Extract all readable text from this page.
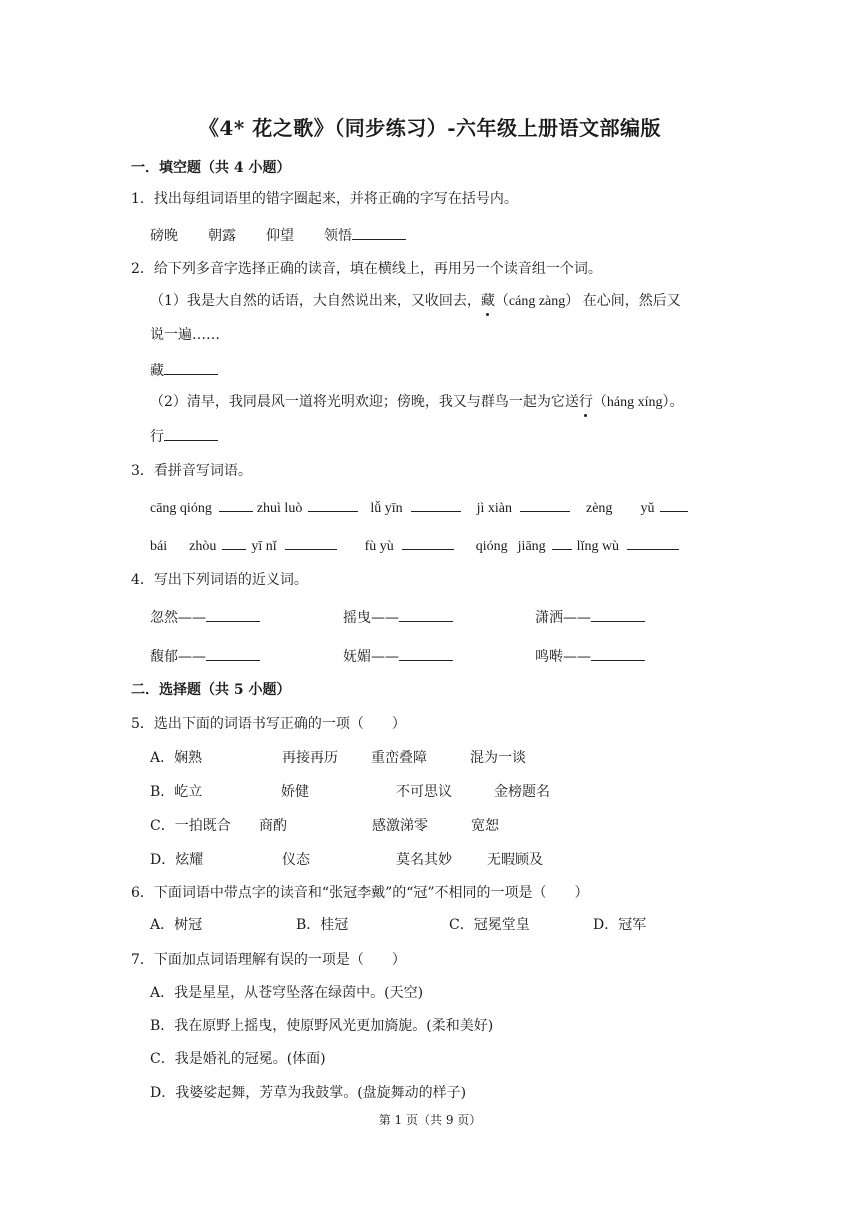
《4* 花之歌》（同步练习）-六年级上册语文部编版
一．填空题（共 4 小题）
1．找出每组词语里的错字圈起来，并将正确的字写在括号内。
磅晚 朝露 仰望 领悟
2．给下列多音字选择正确的读音，填在横线上，再用另一个读音组一个词。
（1）我是大自然的话语，大自然说出来，又收回去，藏（cáng zàng） 在心间，然后又
说一遍……
藏
（2）清早，我同晨风一道将光明欢迎；傍晚，我又与群鸟一起为它送行（háng xíng）。
行
3．看拼音写词语。
cāng qióng	zhuì luò	lǚ yīn	jì xiàn	zèng yǔ
bái zhòu	yī nǐ	fù yù	qióng jiāng lǐng wù
4．写出下列词语的近义词。
忽然——	摇曳——	潇洒——
馥郁——	妩媚——	鸣啭——
二．选择题（共 5 小题）
5．选出下面的词语书写正确的一项（　　）
A．娴熟	再接再历 重峦叠障	混为一谈
B．屹立	娇健	不可思议	金榜题名
C．一拍既合 商酌	感激涕零	宽恕
D．炫耀	仪态	莫名其妙	无暇顾及
6．下面词语中带点字的读音和“张冠李戴”的“冠”不相同的一项是（　　）
A．树冠	B．桂冠	C．冠冕堂皇	D．冠军
7．下面加点词语理解有误的一项是（　　）
A．我是星星，从苍穹坠落在绿茵中。(天空)
B．我在原野上摇曳，使原野风光更加旖旎。(柔和美好)
C．我是婚礼的冠冕。(体面)
D．我婆娑起舞，芳草为我鼓掌。(盘旋舞动的样子)
第 1 页（共 9 页）
